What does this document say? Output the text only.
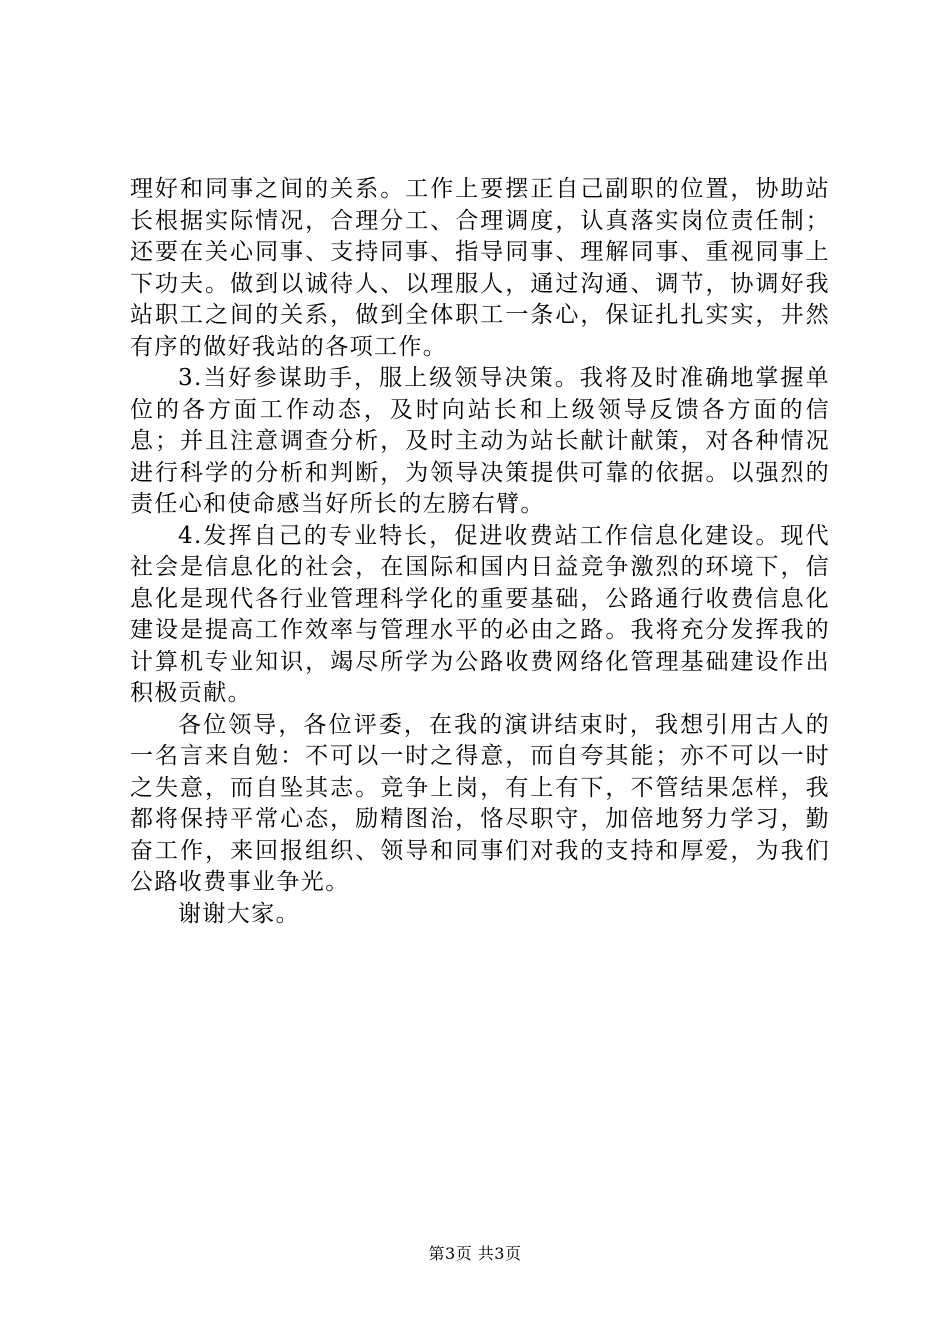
理好和同事之间的关系。工作上要摆正自己副职的位置，协助站长根据实际情况，合理分工、合理调度，认真落实岗位责任制；还要在关心同事、支持同事、指导同事、理解同事、重视同事上下功夫。做到以诚待人、以理服人，通过沟通、调节，协调好我站职工之间的关系，做到全体职工一条心，保证扎扎实实，井然有序的做好我站的各项工作。

3.当好参谋助手，服上级领导决策。我将及时准确地掌握单位的各方面工作动态，及时向站长和上级领导反馈各方面的信息；并且注意调查分析，及时主动为站长献计献策，对各种情况进行科学的分析和判断，为领导决策提供可靠的依据。以强烈的责任心和使命感当好所长的左膀右臂。

4.发挥自己的专业特长，促进收费站工作信息化建设。现代社会是信息化的社会，在国际和国内日益竞争激烈的环境下，信息化是现代各行业管理科学化的重要基础，公路通行收费信息化建设是提高工作效率与管理水平的必由之路。我将充分发挥我的计算机专业知识，竭尽所学为公路收费网络化管理基础建设作出积极贡献。

各位领导，各位评委，在我的演讲结束时，我想引用古人的一名言来自勉：不可以一时之得意，而自夸其能；亦不可以一时之失意，而自坠其志。竞争上岗，有上有下，不管结果怎样，我都将保持平常心态，励精图治，恪尽职守，加倍地努力学习，勤奋工作，来回报组织、领导和同事们对我的支持和厚爱，为我们公路收费事业争光。

谢谢大家。

第3页 共3页
